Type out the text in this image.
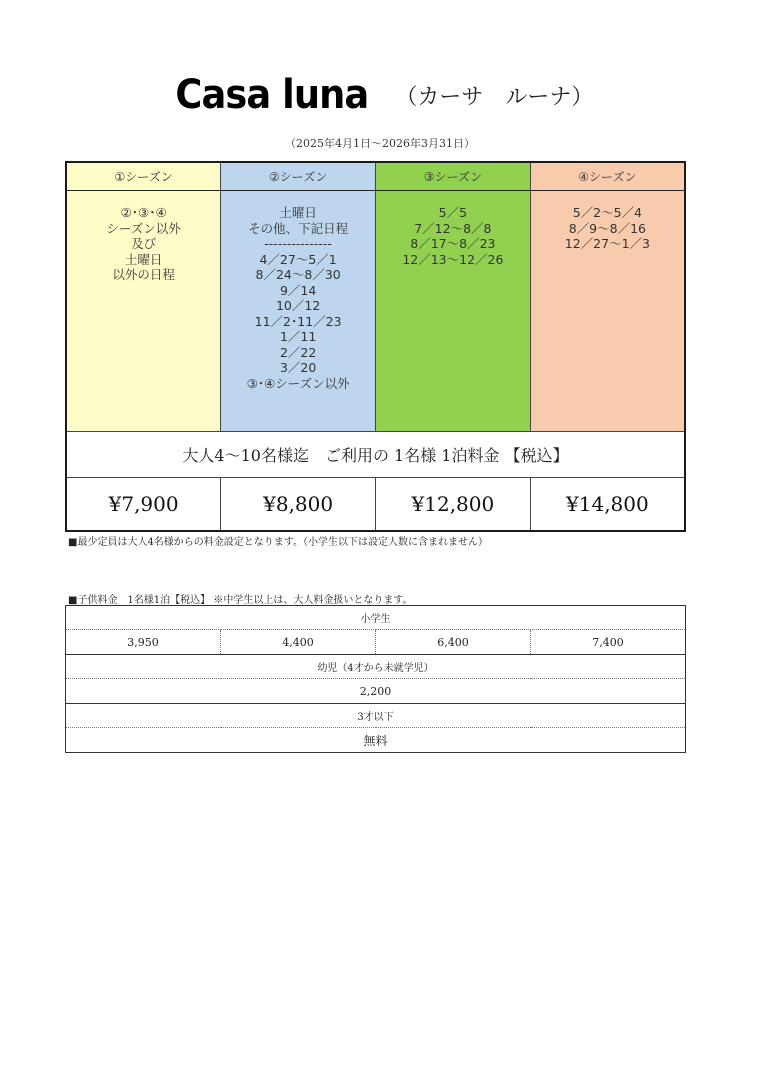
Casa luna （カーサ　ルーナ）
（2025年4月1日～2026年3月31日）
①シーズン	②シーズン	③シーズン	④シーズン

②･③･④
シーズン以外
及び
土曜日
以外の日程

土曜日
その他、下記日程
---------------
4／27～5／1
8／24～8／30
9／14
10／12
11／2･11／23
1／11
2／22
3／20
③･④シーズン以外

5／5
7／12～8／8
8／17～8／23
12／13～12／26

5／2～5／4
8／9～8／16
12／27～1／3

大人4～10名様迄　ご利用の 1名様 1泊料金 【税込】			
¥7,900	¥8,800	¥12,800	¥14,800
■最少定員は大人4名様からの料金設定となります。（小学生以下は設定人数に含まれません）
■子供料金　1名様1泊【税込】 ※中学生以上は、大人料金扱いとなります。
小学生
3,950	4,400	6,400	7,400
幼児（4才から未就学児）
2,200
3才以下
無料
